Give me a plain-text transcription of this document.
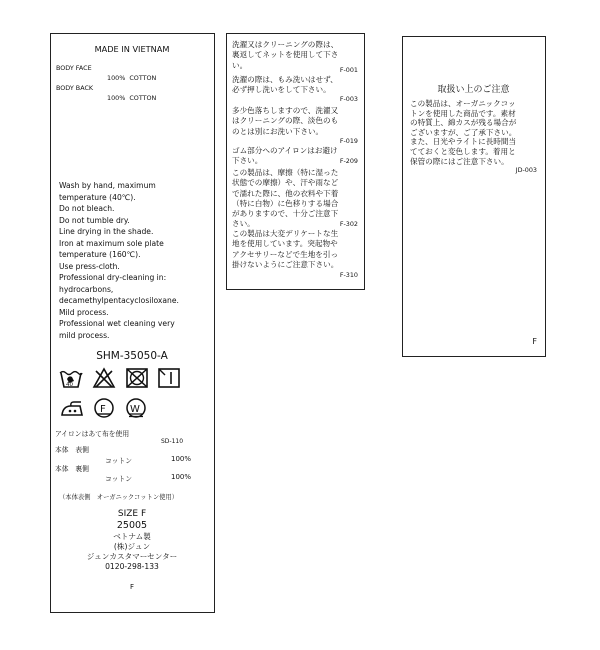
MADE IN VIETNAM
BODY FACE
100%  COTTON
BODY BACK
100%  COTTON
Wash by hand, maximum
temperature (40℃).
Do not bleach.
Do not tumble dry.
Line drying in the shade.
Iron at maximum sole plate
temperature (160℃).
Use press-cloth.
Professional dry-cleaning in:
hydrocarbons,
decamethylpentacyclosiloxane.
Mild process.
Professional wet cleaning very
mild process.
SHM-35050-A
40
F W
アイロンはあて布を使用
SD-110
本体　表側
コットン	100%
本体　裏側
コットン	100%
（本体表側　オーガニックコットン使用）
SIZE F
25005
ベトナム製
(株)ジュン
ジュンカスタマーセンター
0120-298-133
F
洗濯又はクリーニングの際は、
裏返してネットを使用して下さ
い。
F-001
洗濯の際は、もみ洗いはせず、
必ず押し洗いをして下さい。
F-003
多少色落ちしますので、洗濯又
はクリーニングの際、淡色のも
のとは別にお洗い下さい。
F-019
ゴム部分へのアイロンはお避け
下さい。	F-209
この製品は、摩擦（特に湿った
状態での摩擦）や、汗や雨など
で濡れた際に、他の衣料や下着
（特に白物）に色移りする場合
がありますので、十分ご注意下
さい。	F-302
この製品は大変デリケートな生
地を使用しています。突起物や
アクセサリーなどで生地を引っ
掛けないようにご注意下さい。
F-310
取扱い上のご注意
この製品は、オーガニックコッ
トンを使用した商品です。素材
の特質上、綿カスが残る場合が
ございますが、ご了承下さい。
また、日光やライトに長時間当
てておくと変色します。着用と
保管の際にはご注意下さい。
JD-003
F
